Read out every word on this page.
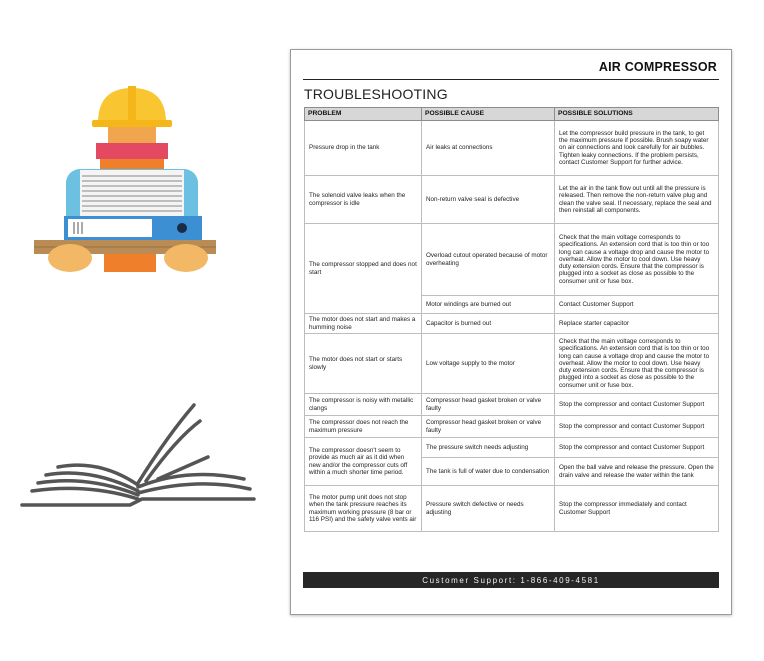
AIR COMPRESSOR
TROUBLESHOOTING
PROBLEM	POSSIBLE CAUSE	POSSIBLE SOLUTIONS
Pressure drop in the tank	Air leaks at connections	Let the compressor build pressure in the tank, to get the maximum pressure if possible. Brush soapy water on air connections and look carefully for air bubbles. Tighten leaky connections. If the problem persists, contact Customer Support for further advice.
The solenoid valve leaks when the compressor is idle	Non-return valve seal is defective	Let the air in the tank flow out until all the pressure is released. Then remove the non-return valve plug and clean the valve seal. If necessary, replace the seal and then reinstall all components.
The compressor stopped and does not start	Overload cutout operated because of motor overheating	Check that the main voltage corresponds to specifications. An extension cord that is too thin or too long can cause a voltage drop and cause the motor to overheat. Allow the motor to cool down. Use heavy duty extension cords. Ensure that the compressor is plugged into a socket as close as possible to the consumer unit or fuse box.
	Motor windings are burned out	Contact Customer Support
The motor does not start and makes a humming noise	Capacitor is burned out	Replace starter capacitor
The motor does not start or starts slowly	Low voltage supply to the motor	Check that the main voltage corresponds to specifications. An extension cord that is too thin or too long can cause a voltage drop and cause the motor to overheat. Allow the motor to cool down. Use heavy duty extension cords. Ensure that the compressor is plugged into a socket as close as possible to the consumer unit or fuse box.
The compressor is noisy with metallic clangs	Compressor head gasket broken or valve faulty	Stop the compressor and contact Customer Support
The compressor does not reach the maximum pressure	Compressor head gasket broken or valve faulty	Stop the compressor and contact Customer Support
The compressor doesn't seem to provide as much air as it did when new and/or the compressor cuts off within a much shorter time period.	The pressure switch needs adjusting	Stop the compressor and contact Customer Support
	The tank is full of water due to condensation	Open the ball valve and release the pressure. Open the drain valve and release the water within the tank
The motor pump unit does not stop when the tank pressure reaches its maximum working pressure (8 bar or 116 PSI) and the safety valve vents air	Pressure switch defective or needs adjusting	Stop the compressor immediately and contact Customer Support
Customer Support: 1-866-409-4581
